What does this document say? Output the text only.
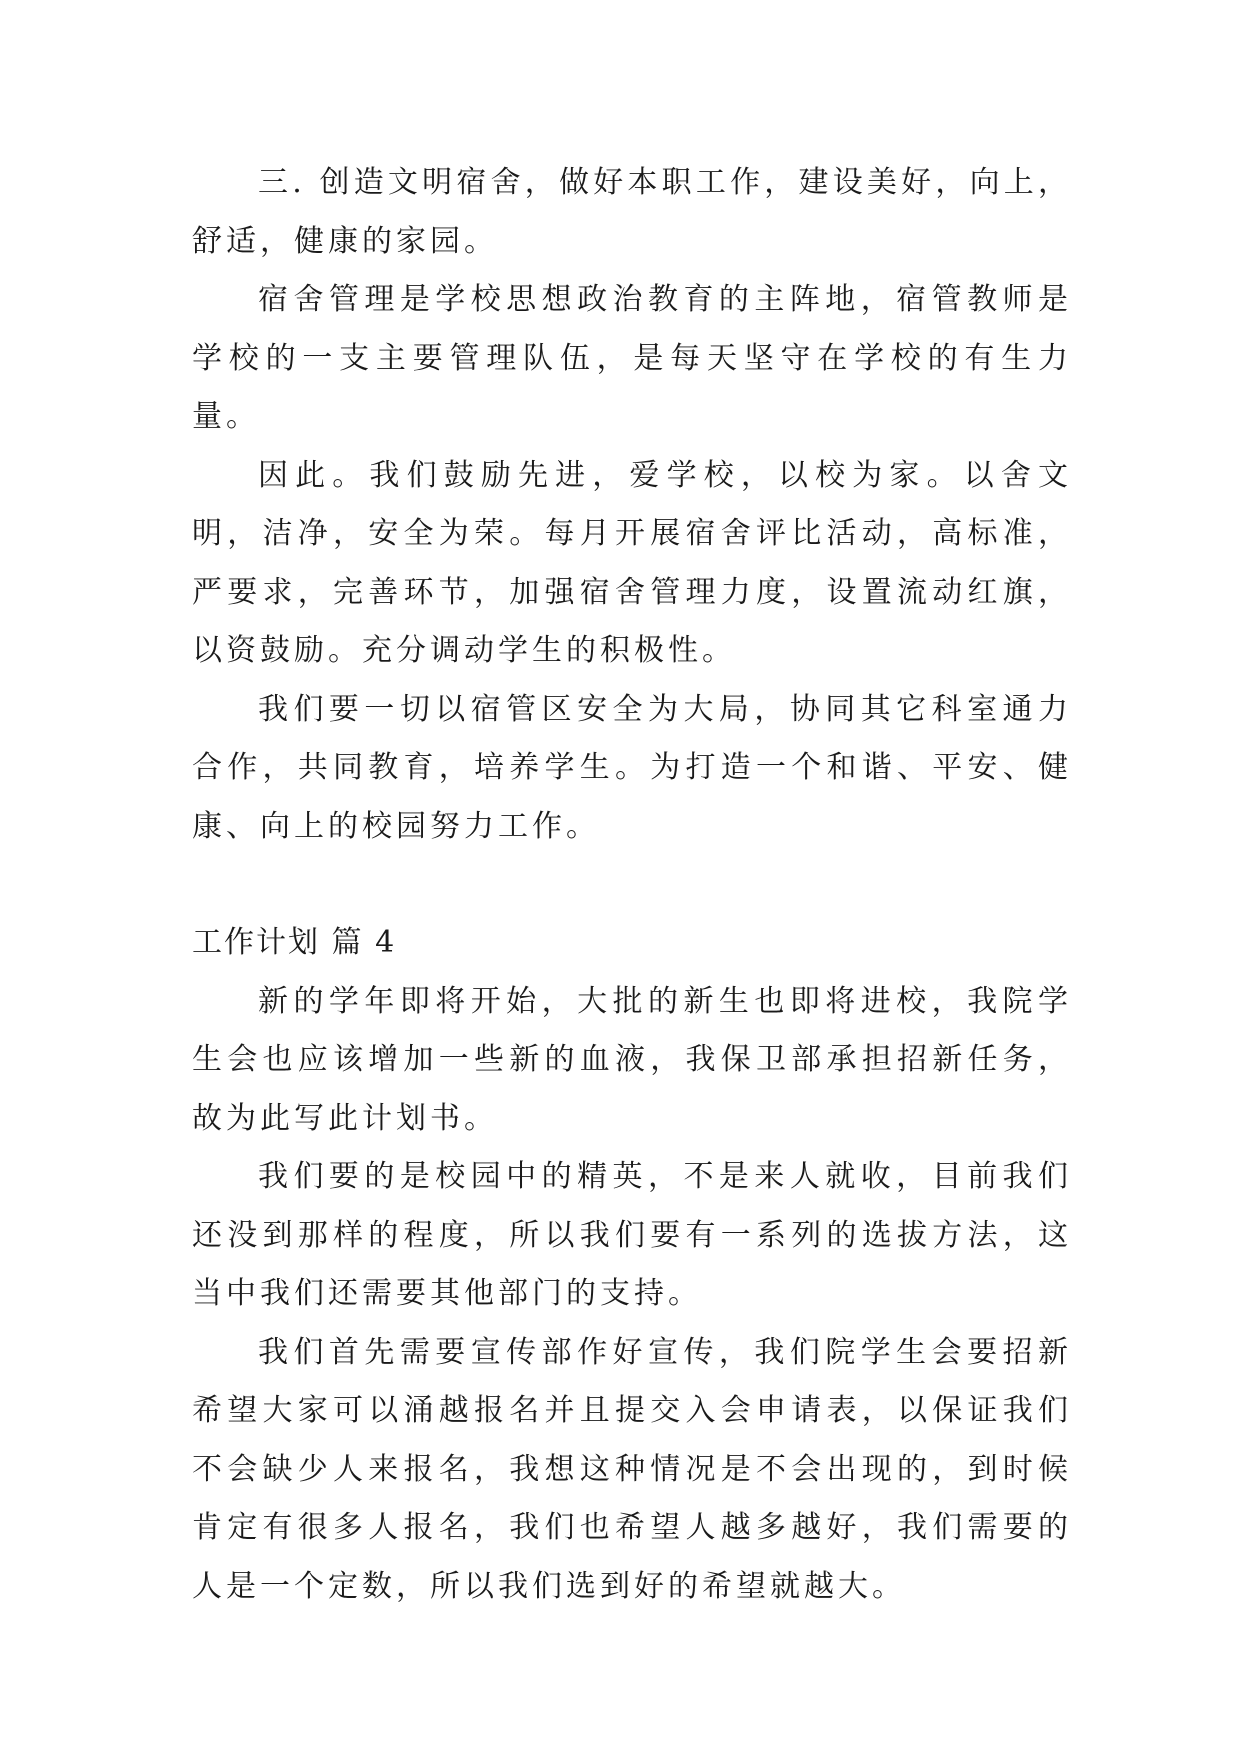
三. 创造文明宿舍，做好本职工作，建设美好，向上，舒适，健康的家园。

宿舍管理是学校思想政治教育的主阵地，宿管教师是学校的一支主要管理队伍，是每天坚守在学校的有生力量。

因此。我们鼓励先进，爱学校，以校为家。以舍文明，洁净，安全为荣。每月开展宿舍评比活动，高标准，严要求，完善环节，加强宿舍管理力度，设置流动红旗，以资鼓励。充分调动学生的积极性。

我们要一切以宿管区安全为大局，协同其它科室通力合作，共同教育，培养学生。为打造一个和谐、平安、健康、向上的校园努力工作。

工作计划 篇 4

新的学年即将开始，大批的新生也即将进校，我院学生会也应该增加一些新的血液，我保卫部承担招新任务，故为此写此计划书。

我们要的是校园中的精英，不是来人就收，目前我们还没到那样的程度，所以我们要有一系列的选拔方法，这当中我们还需要其他部门的支持。

我们首先需要宣传部作好宣传，我们院学生会要招新希望大家可以涌越报名并且提交入会申请表，以保证我们不会缺少人来报名，我想这种情况是不会出现的，到时候肯定有很多人报名，我们也希望人越多越好，我们需要的人是一个定数，所以我们选到好的希望就越大。
